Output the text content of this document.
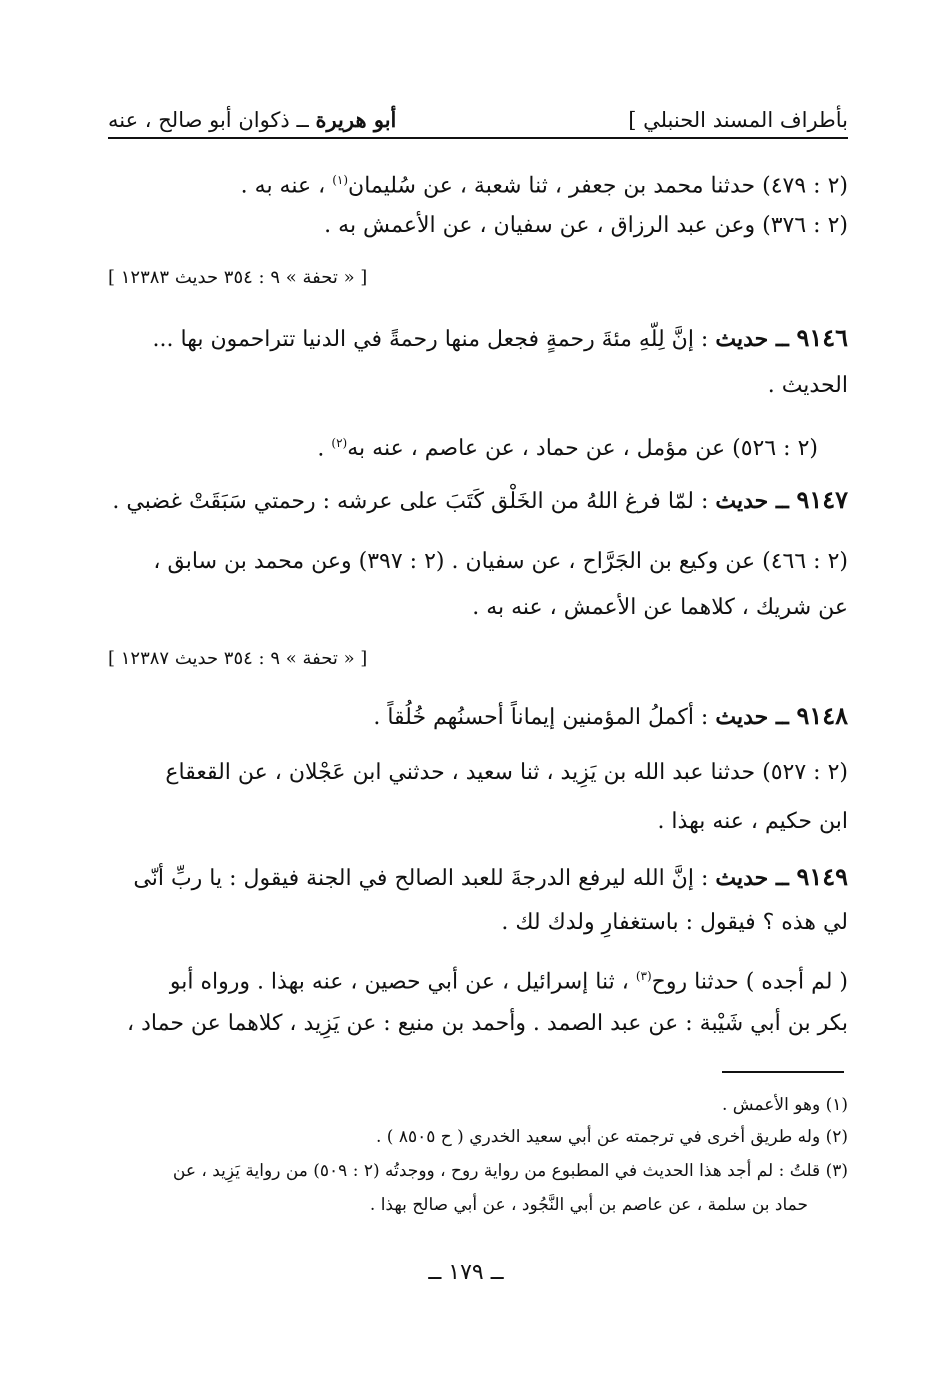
بأطراف المسند الحنبلي ]
أبو هريرة ــ ذكوان أبو صالح ، عنه
(٢ : ٤٧٩) حدثنا محمد بن جعفر ، ثنا شعبة ، عن سُليمان$^{(١)}$ ، عنه به .
(٢ : ٣٧٦) وعن عبد الرزاق ، عن سفيان ، عن الأعمش به .
[ « تحفة » ٩ : ٣٥٤ حديث ١٢٣٨٣ ]
٩١٤٦ ــ حديث : إنَّ لِلّهِ مئةَ رحمةٍ فجعل منها رحمةً في الدنيا تتراحمون بها ...
الحديث .
(٢ : ٥٢٦) عن مؤمل ، عن حماد ، عن عاصم ، عنه به$^{(٢)}$ .
٩١٤٧ ــ حديث : لمّا فرغ اللهُ من الخَلْق كَتَبَ على عرشه : رحمتي سَبَقَتْ غضبي .
(٢ : ٤٦٦) عن وكيع بن الجَرَّاح ، عن سفيان . (٢ : ٣٩٧) وعن محمد بن سابق ،
عن شريك ، كلاهما عن الأعمش ، عنه به .
[ « تحفة » ٩ : ٣٥٤ حديث ١٢٣٨٧ ]
٩١٤٨ ــ حديث : أكملُ المؤمنين إيماناً أحسنُهم خُلُقاً .
(٢ : ٥٢٧) حدثنا عبد الله بن يَزِيد ، ثنا سعيد ، حدثني ابن عَجْلان ، عن القعقاع
ابن حكيم ، عنه بهذا .
٩١٤٩ ــ حديث : إنَّ الله ليرفع الدرجةَ للعبد الصالح في الجنة فيقول : يا ربِّ أنّى
لي هذه ؟ فيقول : باستغفارِ ولدك لك .
( لم أجده ) حدثنا روح$^{(٣)}$ ، ثنا إسرائيل ، عن أبي حصين ، عنه بهذا . ورواه أبو
بكر بن أبي شَيْبة : عن عبد الصمد . وأحمد بن منيع : عن يَزِيد ، كلاهما عن حماد ،
(١) وهو الأعمش .
(٢) وله طريق أخرى في ترجمته عن أبي سعيد الخدري ( ح ٨٥٠٥ ) .
(٣) قلتُ : لم أجد هذا الحديث في المطبوع من رواية روح ، ووجدتُه (٢ : ٥٠٩) من رواية يَزِيد ، عن
حماد بن سلمة ، عن عاصم بن أبي النَّجُود ، عن أبي صالح بهذا .
ــ ١٧٩ ــ
